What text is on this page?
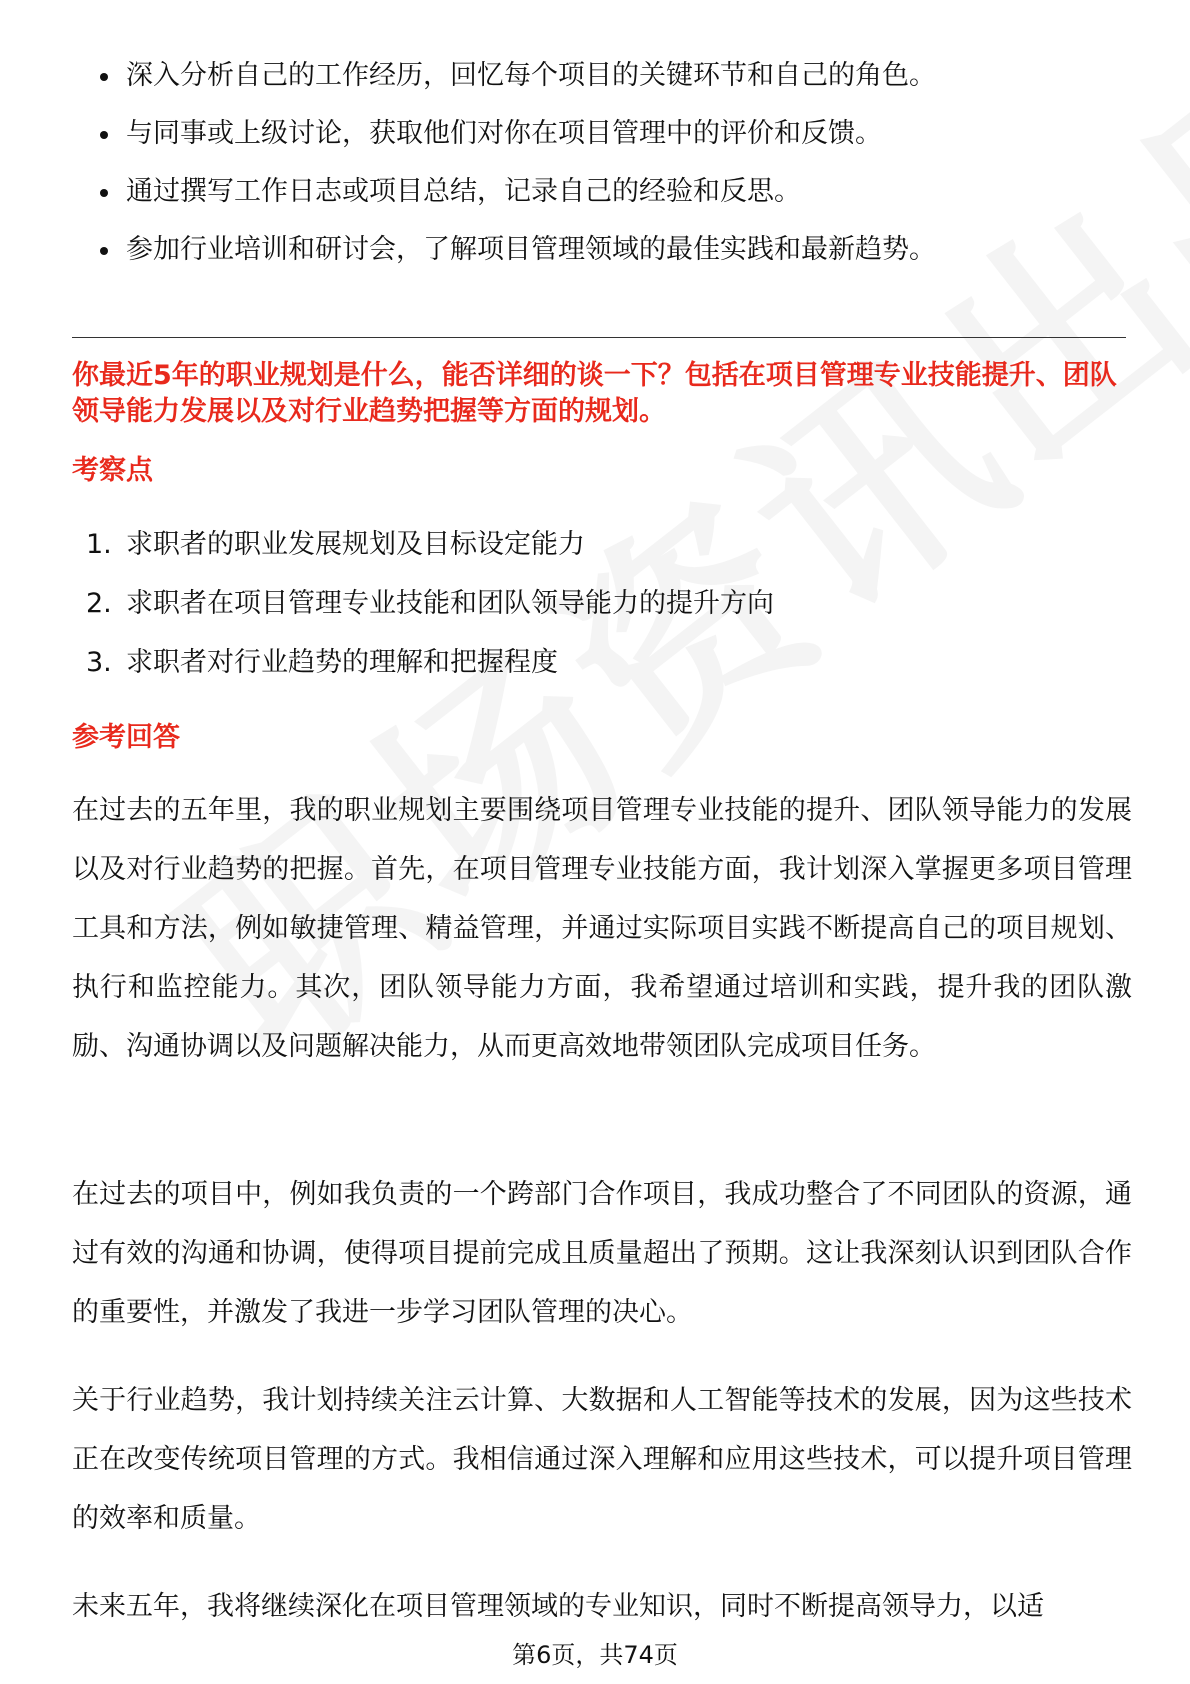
深入分析自己的工作经历，回忆每个项目的关键环节和自己的角色。
与同事或上级讨论，获取他们对你在项目管理中的评价和反馈。
通过撰写工作日志或项目总结，记录自己的经验和反思。
参加行业培训和研讨会，了解项目管理领域的最佳实践和最新趋势。
你最近5年的职业规划是什么，能否详细的谈一下？包括在项目管理专业技能提升、团队领导能力发展以及对行业趋势把握等方面的规划。
考察点
1. 求职者的职业发展规划及目标设定能力
2. 求职者在项目管理专业技能和团队领导能力的提升方向
3. 求职者对行业趋势的理解和把握程度
参考回答

在过去的五年里，我的职业规划主要围绕项目管理专业技能的提升、团队领导能力的发展以及对行业趋势的把握。首先，在项目管理专业技能方面，我计划深入掌握更多项目管理工具和方法，例如敏捷管理、精益管理，并通过实际项目实践不断提高自己的项目规划、执行和监控能力。其次，团队领导能力方面，我希望通过培训和实践，提升我的团队激励、沟通协调以及问题解决能力，从而更高效地带领团队完成项目任务。

在过去的项目中，例如我负责的一个跨部门合作项目，我成功整合了不同团队的资源，通过有效的沟通和协调，使得项目提前完成且质量超出了预期。这让我深刻认识到团队合作的重要性，并激发了我进一步学习团队管理的决心。

关于行业趋势，我计划持续关注云计算、大数据和人工智能等技术的发展，因为这些技术正在改变传统项目管理的方式。我相信通过深入理解和应用这些技术，可以提升项目管理的效率和质量。

未来五年，我将继续深化在项目管理领域的专业知识，同时不断提高领导力，以适

第6页，共74页
